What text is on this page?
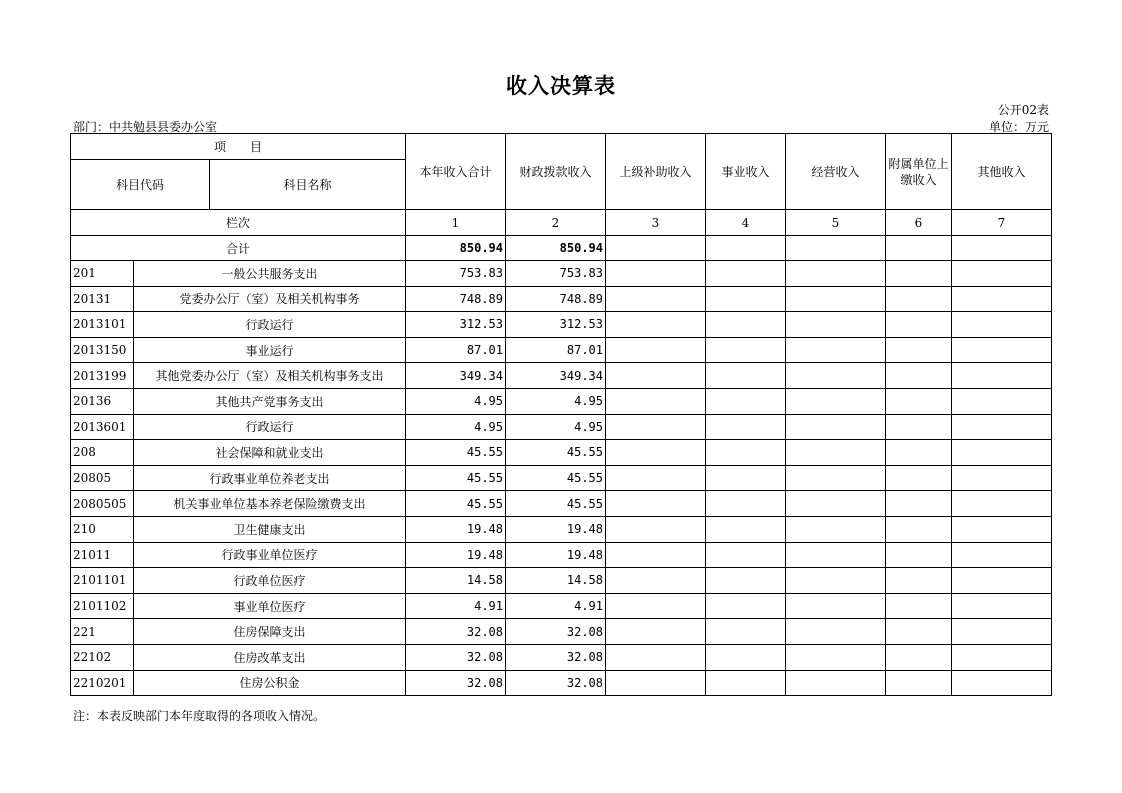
收入决算表
公开02表
部门：中共勉县县委办公室	单位：万元
项　　目			本年收入合计	财政拨款收入	上级补助收入	事业收入	经营收入	附属单位上缴收入	其他收入
科目代码		科目名称							
栏次			1	2	3	4	5	6	7
合计			850.94	850.94					
201	一般公共服务支出		753.83	753.83					
20131	党委办公厅（室）及相关机构事务		748.89	748.89					
2013101	行政运行		312.53	312.53					
2013150	事业运行		87.01	87.01					
2013199	其他党委办公厅（室）及相关机构事务支出		349.34	349.34					
20136	其他共产党事务支出		4.95	4.95					
2013601	行政运行		4.95	4.95					
208	社会保障和就业支出		45.55	45.55					
20805	行政事业单位养老支出		45.55	45.55					
2080505	机关事业单位基本养老保险缴费支出		45.55	45.55					
210	卫生健康支出		19.48	19.48					
21011	行政事业单位医疗		19.48	19.48					
2101101	行政单位医疗		14.58	14.58					
2101102	事业单位医疗		4.91	4.91					
221	住房保障支出		32.08	32.08					
22102	住房改革支出		32.08	32.08					
2210201	住房公积金		32.08	32.08					
注：本表反映部门本年度取得的各项收入情况。
